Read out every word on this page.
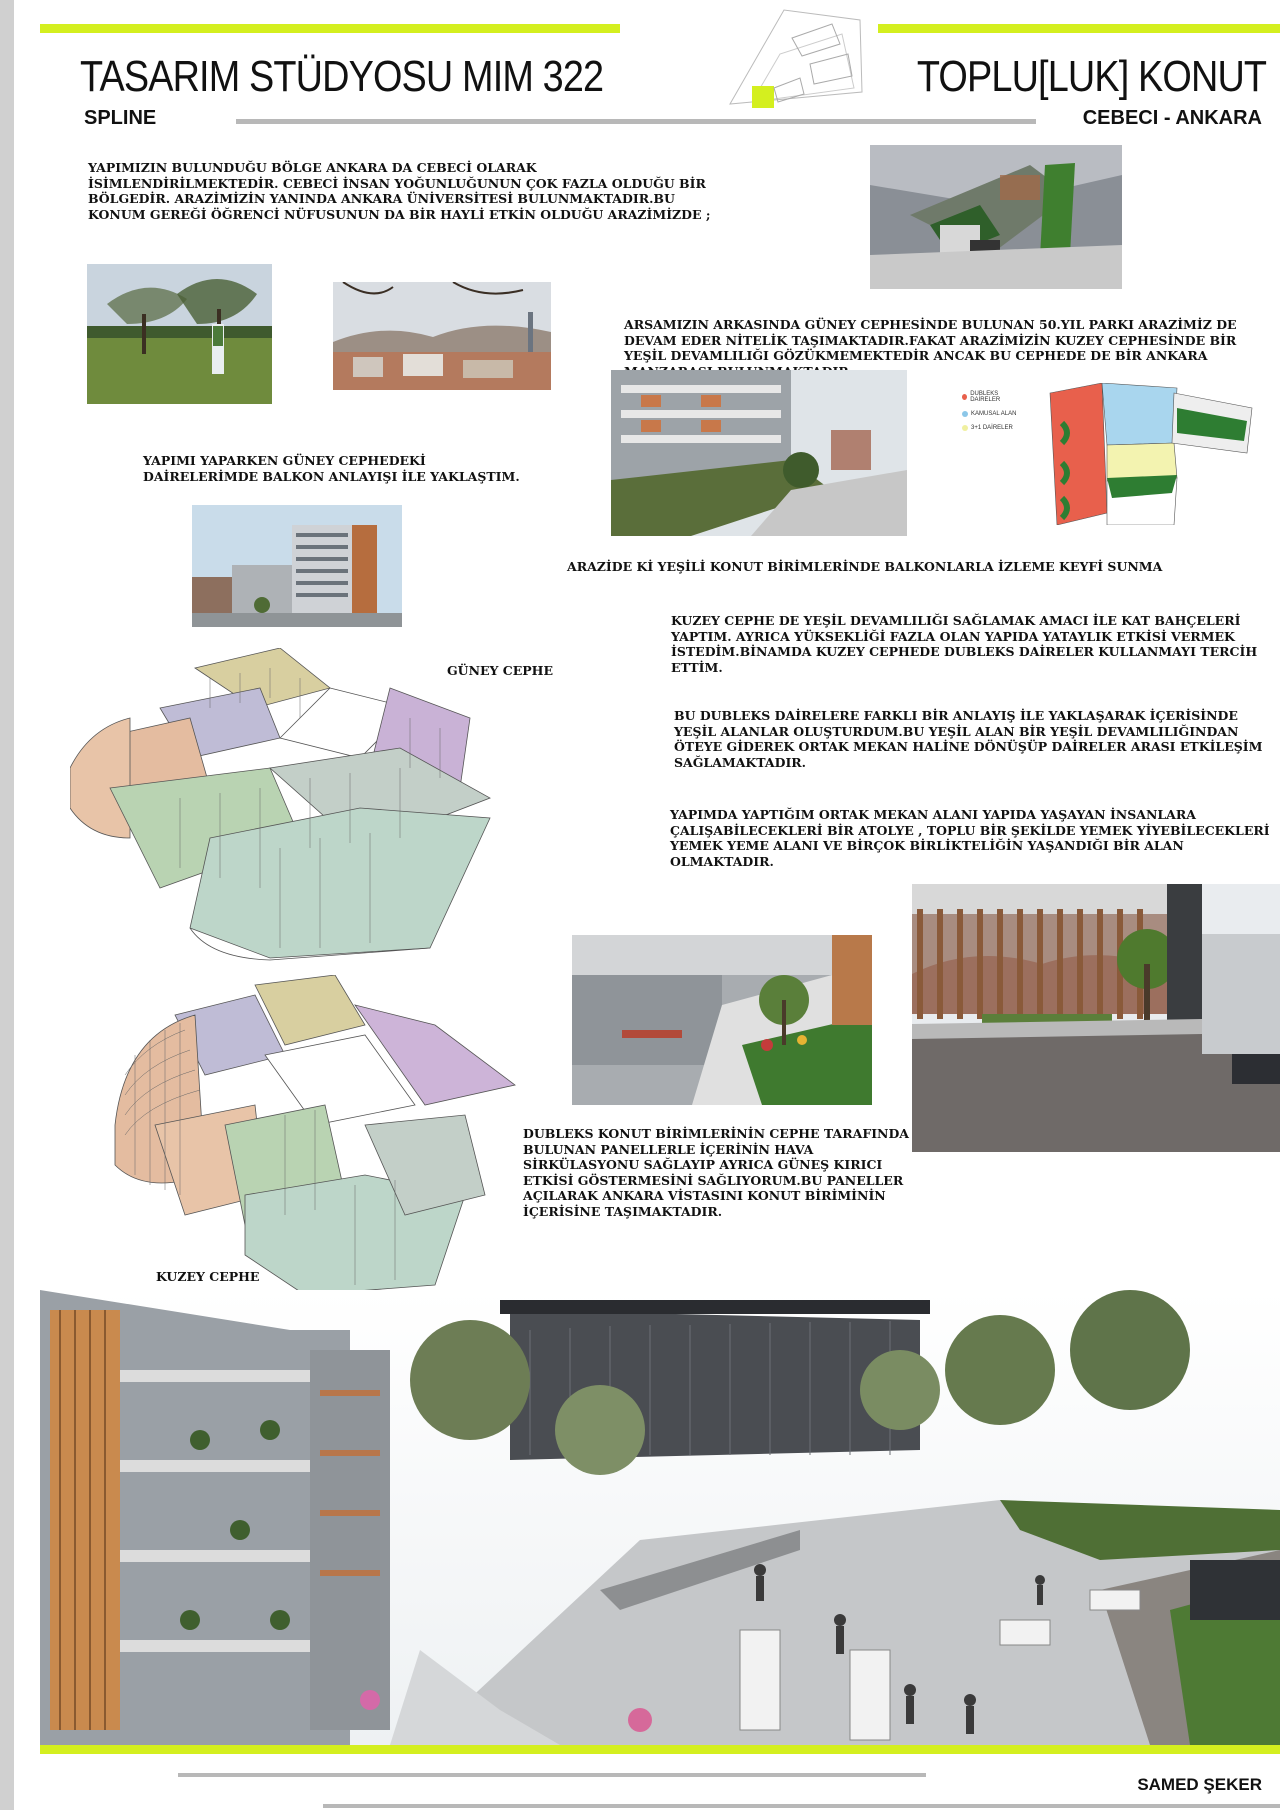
TASARIM STÜDYOSU MIM 322
SPLINE
TOPLU[LUK] KONUT
CEBECI - ANKARA
YAPIMIZIN BULUNDUĞU BÖLGE ANKARA DA CEBECİ OLARAK İSİMLENDİRİLMEKTEDİR. CEBECİ İNSAN YOĞUNLUĞUNUN ÇOK FAZLA OLDUĞU BİR BÖLGEDİR. ARAZİMİZİN YANINDA ANKARA ÜNİVERSİTESİ BULUNMAKTADIR.BU KONUM GEREĞİ ÖĞRENCİ NÜFUSUNUN DA BİR HAYLİ ETKİN OLDUĞU ARAZİMİZDE ;
ARSAMIZIN ARKASINDA GÜNEY CEPHESİNDE BULUNAN 50.YIL PARKI ARAZİMİZ DE DEVAM EDER NİTELİK TAŞIMAKTADIR.FAKAT ARAZİMİZİN KUZEY CEPHESİNDE BİR YEŞİL DEVAMLILIĞI GÖZÜKMEMEKTEDİR ANCAK BU CEPHEDE DE BİR ANKARA
DUBLEKS DAİRELER
KAMUSAL ALAN
3+1 DAİRELER
YAPIMI YAPARKEN GÜNEY CEPHEDEKİ DAİRELERİMDE BALKON ANLAYIŞI İLE YAKLAŞTIM.
ARAZİDE Kİ YEŞİLİ KONUT BİRİMLERİNDE BALKONLARLA İZLEME KEYFİ SUNMA
KUZEY CEPHE DE YEŞİL DEVAMLILIĞI SAĞLAMAK AMACI İLE KAT BAHÇELERİ YAPTIM. AYRICA YÜKSEKLİĞİ FAZLA OLAN YAPIDA YATAYLIK ETKİSİ VERMEK İSTEDİM.BİNAMDA KUZEY CEPHEDE DUBLEKS DAİRELER KULLANMAYI TERCİH ETTİM.
GÜNEY CEPHE
BU DUBLEKS DAİRELERE FARKLI BİR ANLAYIŞ İLE YAKLAŞARAK İÇERİSİNDE YEŞİL ALANLAR OLUŞTURDUM.BU YEŞİL ALAN BİR YEŞİL DEVAMLILIĞINDAN ÖTEYE GİDEREK ORTAK MEKAN HALİNE DÖNÜŞÜP DAİRELER ARASI ETKİLEŞİM SAĞLAMAKTADIR.
YAPIMDA YAPTIĞIM ORTAK MEKAN ALANI YAPIDA YAŞAYAN İNSANLARA ÇALIŞABİLECEKLERİ BİR ATOLYE , TOPLU BİR ŞEKİLDE YEMEK YİYEBİLECEKLERİ YEMEK YEME ALANI VE BİRÇOK BİRLİKTELİĞİN YAŞANDIĞI BİR ALAN OLMAKTADIR.
DUBLEKS KONUT BİRİMLERİNİN CEPHE TARAFINDA BULUNAN PANELLERLE İÇERİNİN HAVA SİRKÜLASYONU SAĞLAYIP AYRICA GÜNEŞ KIRICI ETKİSİ GÖSTERMESİNİ SAĞLIYORUM.BU PANELLER AÇILARAK ANKARA VİSTASINI KONUT BİRİMİNİN İÇERİSİNE TAŞIMAKTADIR.
KUZEY CEPHE
SAMED ŞEKER
